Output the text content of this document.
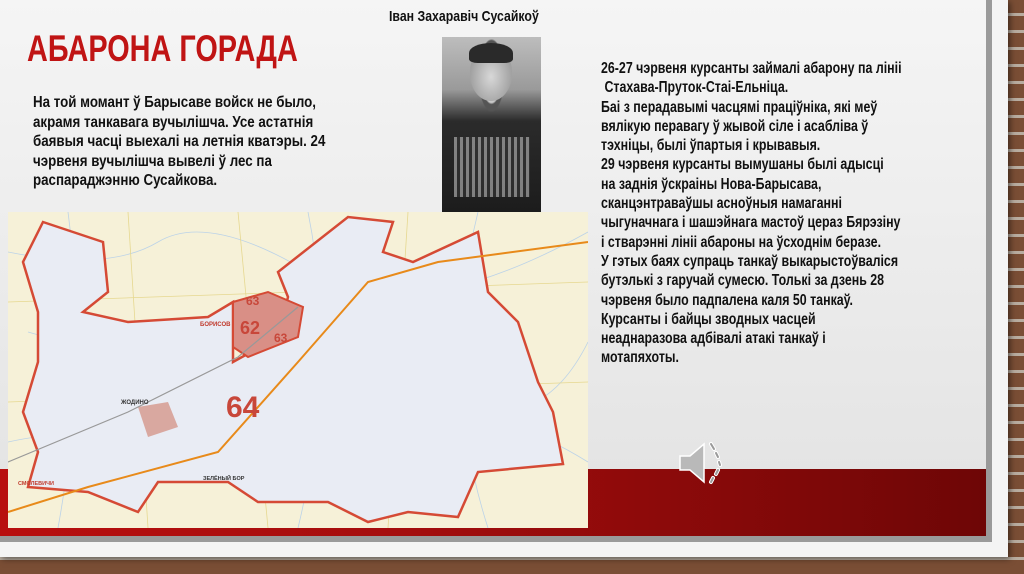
АБАРОНА ГОРАДА
Іван Захаравіч Сусайкоў
На той момант ў Барысаве войск не было,
акрамя танкавага вучылішча. Усе астатнія
баявыя часці выехалі на летнія кватэры. 24
чэрвеня вучылішча вывелі ў лес па
распараджэнню Сусайкова.
26-27 чэрвеня курсанты займалі абарону па лініі
Стахава-Пруток-Стаі-Ельніца.
Баі з перадавымі часцямі праціўніка, які меў
вялікую перавагу ў жывой сіле і асабліва ў
тэхніцы, былі ўпартыя і крывавыя.
29 чэрвеня курсанты вымушаны былі адысці
на заднія ўскраіны Нова-Барысава,
сканцэнтраваўшы асноўныя намаганні
чыгуначнага і шашэйнага мастоў цераз Бярэзіну
і стварэнні лініі абароны на ўсходнім беразе.
У гэтых баях супраць танкаў выкарыстоўваліся
бутэлькі з гаручай сумесю. Толькі за дзень 28
чэрвеня было падпалена каля 50 танкаў.
Курсанты і байцы зводных часцей
неаднаразова адбівалі атакі танкаў і
мотапяхоты.
БОРИСОВ
ЖОДИНО
ЗЕЛЁНЫЙ БОР
СМОЛЕВИЧИ
62
63
63
64
